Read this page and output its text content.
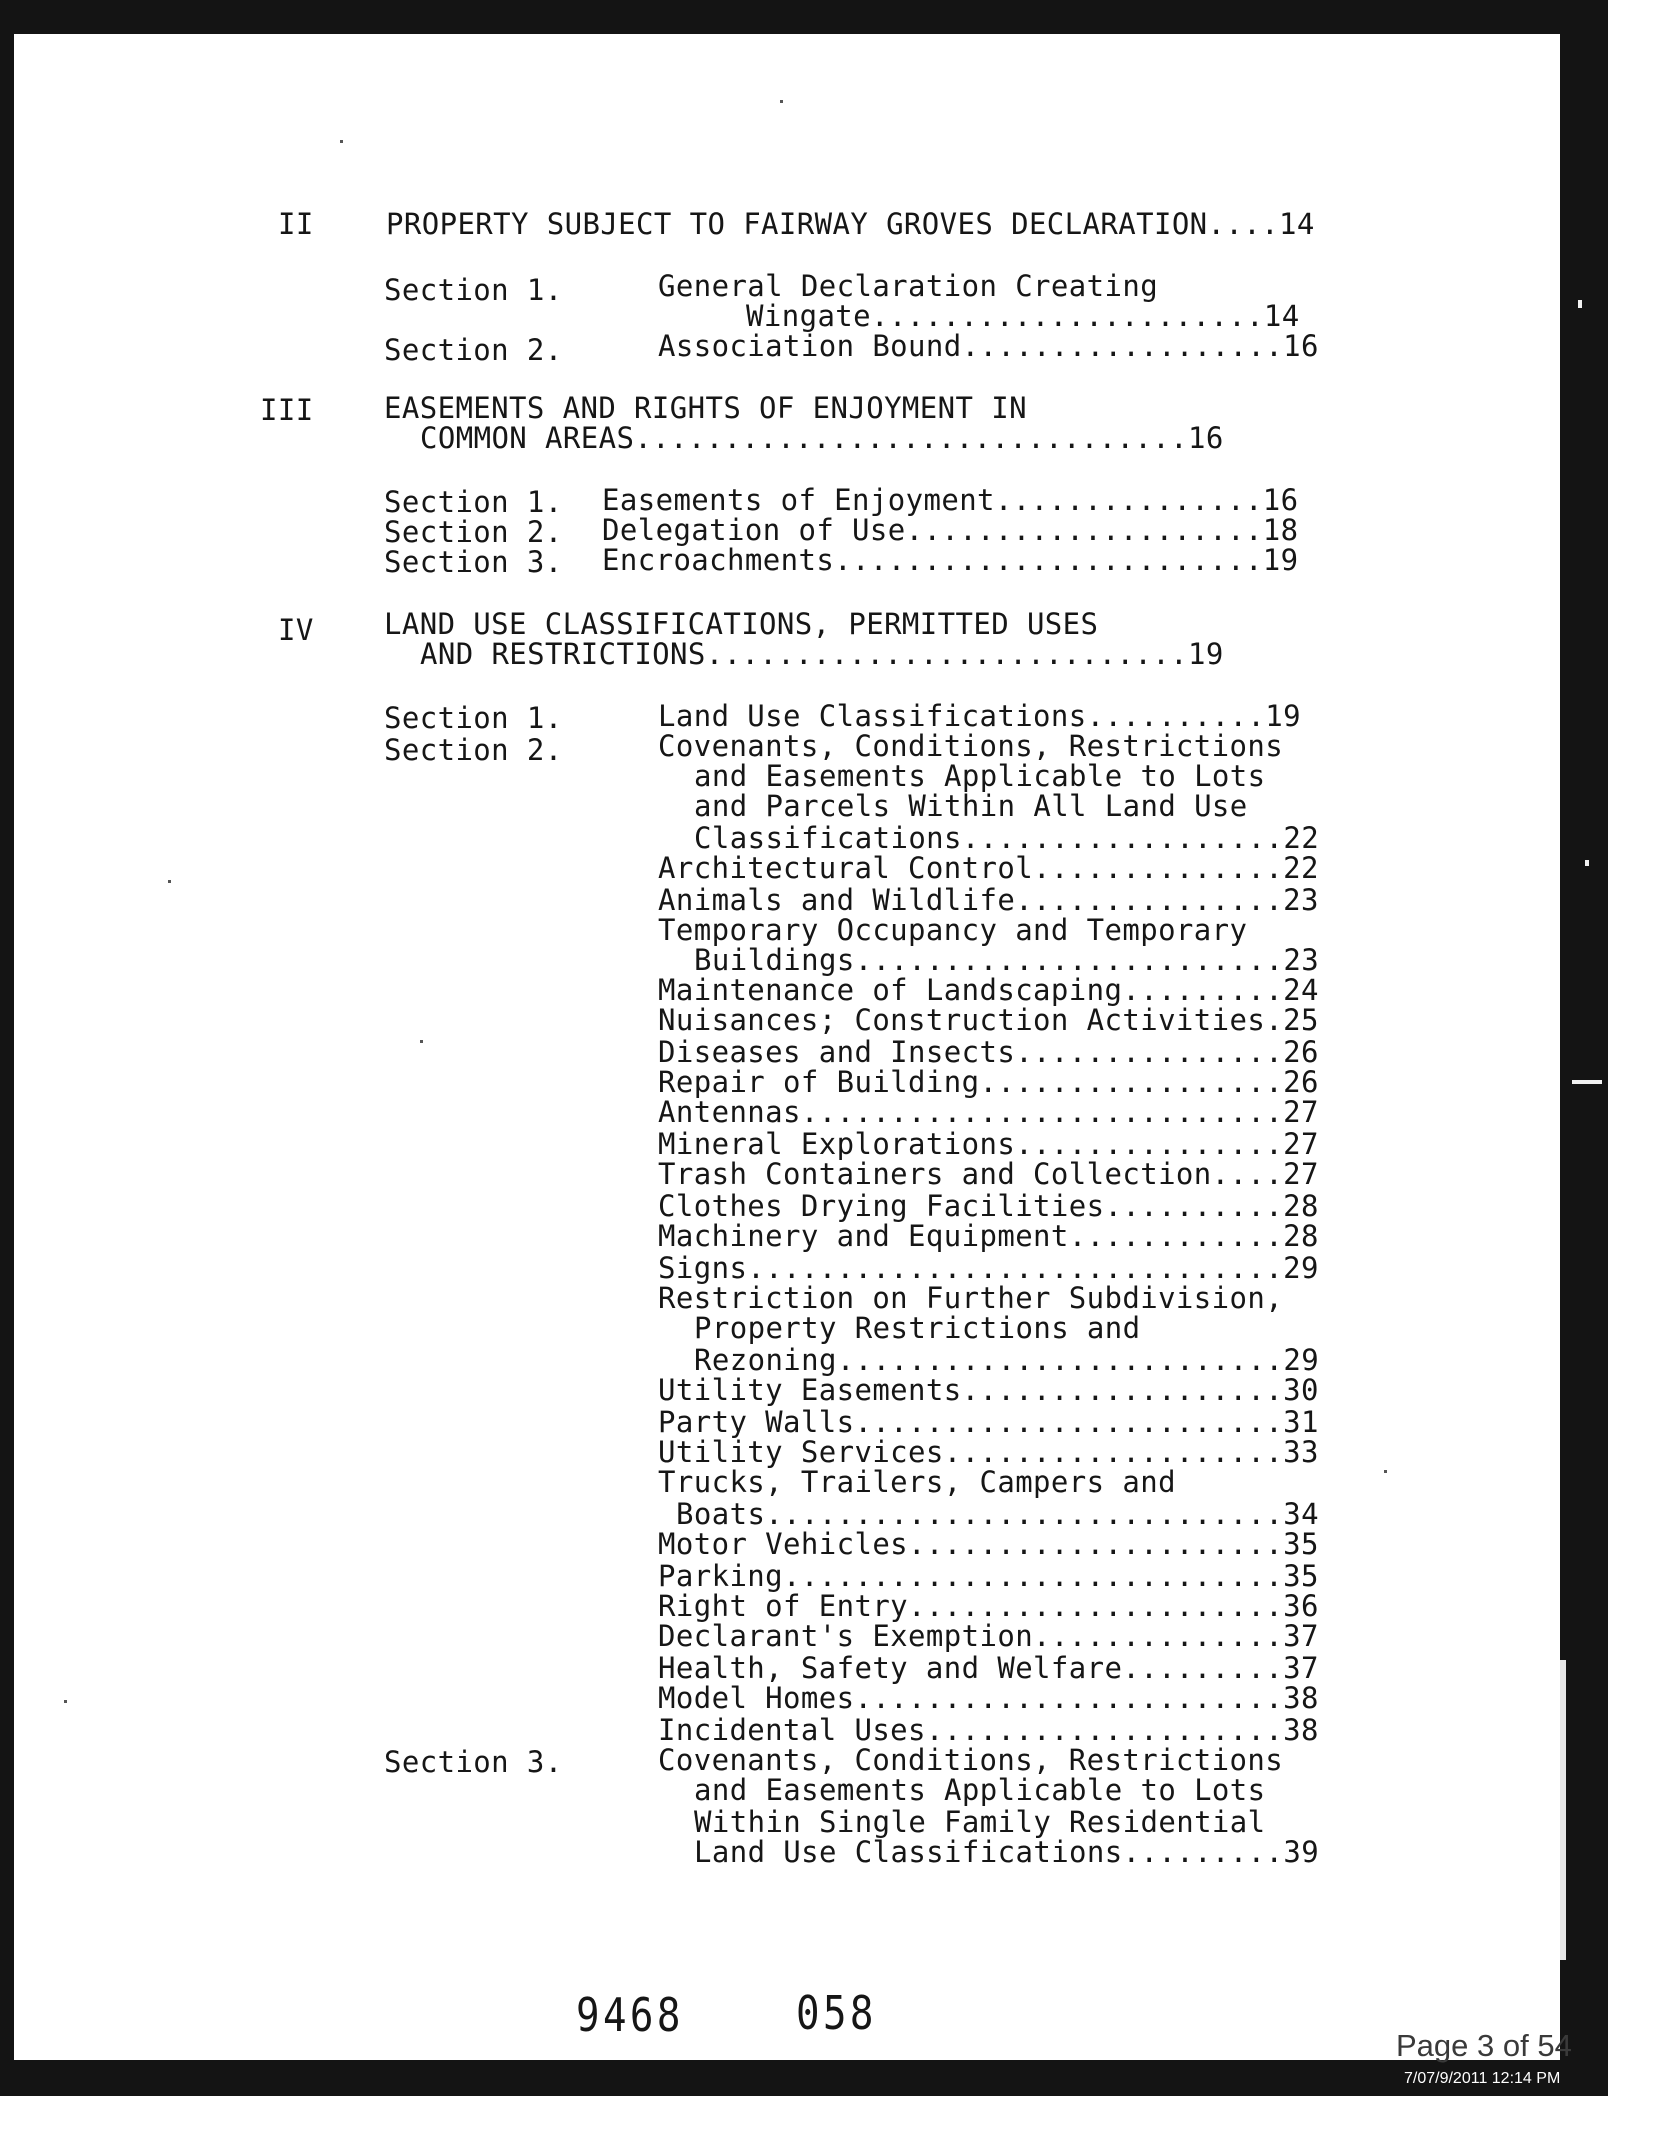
II PROPERTY SUBJECT TO FAIRWAY GROVES DECLARATION....14
Section 1.	General Declaration Creating
Wingate......................14
Section 2.	Association Bound..................16
III EASEMENTS AND RIGHTS OF ENJOYMENT IN
COMMON AREAS...............................16
Section 1. Easements of Enjoyment...............16
Section 2. Delegation of Use....................18
Section 3. Encroachments........................19
IV LAND USE CLASSIFICATIONS, PERMITTED USES
AND RESTRICTIONS...........................19
Section 1.	Land Use Classifications..........19
Section 2.	Covenants, Conditions, Restrictions
and Easements Applicable to Lots
and Parcels Within All Land Use
Classifications..................22
Architectural Control..............22
Animals and Wildlife...............23
Temporary Occupancy and Temporary
Buildings........................23
Maintenance of Landscaping.........24
Nuisances; Construction Activities.25
Diseases and Insects...............26
Repair of Building.................26
Antennas...........................27
Mineral Explorations...............27
Trash Containers and Collection....27
Clothes Drying Facilities..........28
Machinery and Equipment............28
Signs..............................29
Restriction on Further Subdivision,
Property Restrictions and
Rezoning.........................29
Utility Easements..................30
Party Walls........................31
Utility Services...................33
Trucks, Trailers, Campers and
Boats.............................34
Motor Vehicles.....................35
Parking............................35
Right of Entry.....................36
Declarant's Exemption..............37
Health, Safety and Welfare.........37
Model Homes........................38
Incidental Uses....................38
Section 3.	Covenants, Conditions, Restrictions
and Easements Applicable to Lots
Within Single Family Residential
Land Use Classifications.........39
9468 058
Page 3 of 54
7/07/9/2011 12:14 PM
